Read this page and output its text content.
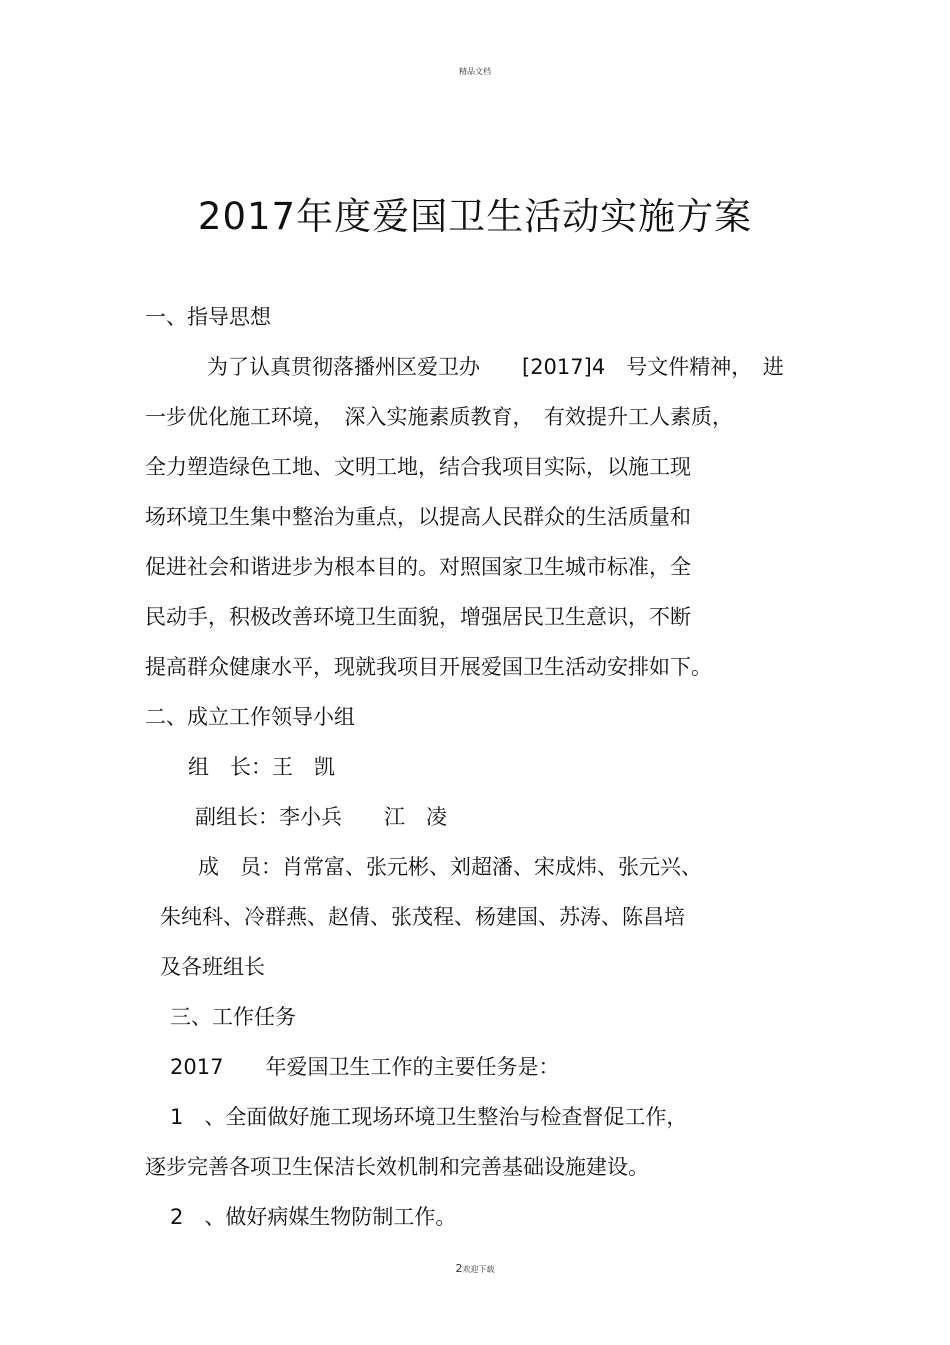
精品文档
2017年度爱国卫生活动实施方案
一、指导思想
为了认真贯彻落播州区爱卫办　　[2017]4　号文件精神，　进
一步优化施工环境，　深入实施素质教育，　有效提升工人素质，
全力塑造绿色工地、文明工地，结合我项目实际，以施工现
场环境卫生集中整治为重点，以提高人民群众的生活质量和
促进社会和谐进步为根本目的。对照国家卫生城市标准，全
民动手，积极改善环境卫生面貌，增强居民卫生意识，不断
提高群众健康水平，现就我项目开展爱国卫生活动安排如下。
二、成立工作领导小组
组　长：王　凯
副组长：李小兵　　江　凌
成　员：肖常富、张元彬、刘超潘、宋成炜、张元兴、
朱纯科、冷群燕、赵倩、张茂程、杨建国、苏涛、陈昌培
及各班组长
三、工作任务
2017　　年爱国卫生工作的主要任务是：
1　、全面做好施工现场环境卫生整治与检查督促工作，
逐步完善各项卫生保洁长效机制和完善基础设施建设。
2　、做好病媒生物防制工作。
2欢迎下载
